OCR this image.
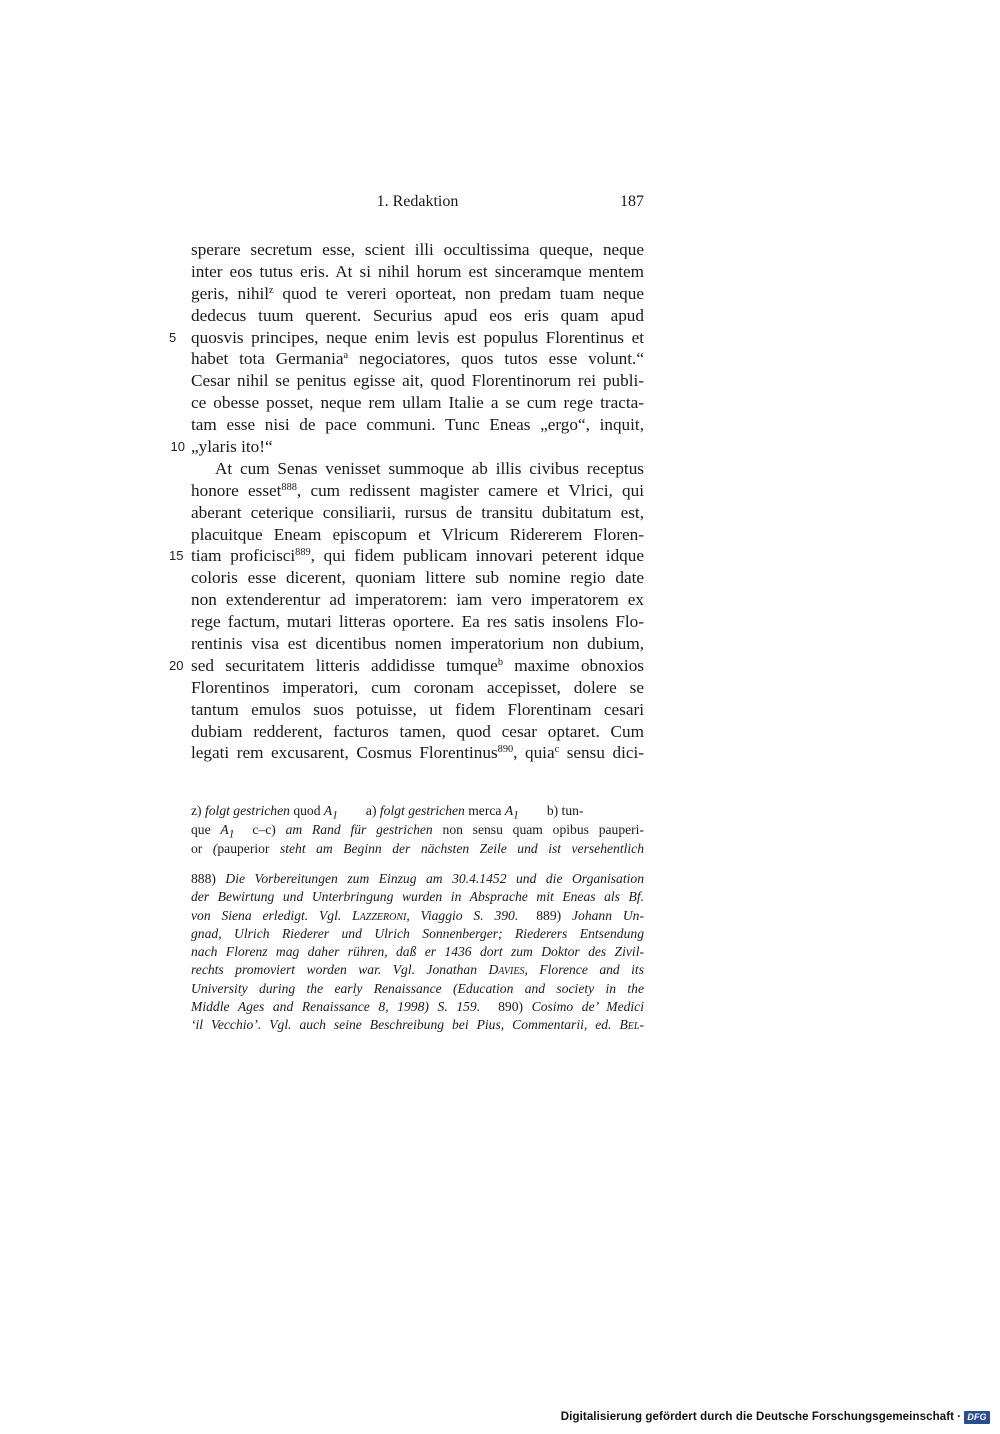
1. Redaktion	187
sperare secretum esse, scient illi occultissima queque, neque
inter eos tutus eris. At si nihil horum est sinceramque mentem
geris, nihil$^z$ quod te vereri oporteat, non predam tuam neque
dedecus tuum querent. Securius apud eos eris quam apud
5 quosvis principes, neque enim levis est populus Florentinus et
habet tota Germania$^a$ negociatores, quos tutos esse volunt.“
Cesar nihil se penitus egisse ait, quod Florentinorum rei publi-
ce obesse posset, neque rem ullam Italie a se cum rege tracta-
tam esse nisi de pace communi. Tunc Eneas „ergo“, inquit,
10 „ylaris ito!“
At cum Senas venisset summoque ab illis civibus receptus
honore esset$^{888}$, cum redissent magister camere et Vlrici, qui
aberant ceterique consiliarii, rursus de transitu dubitatum est,
placuitque Eneam episcopum et Vlricum Ridererem Floren-
15 tiam proficisci$^{889}$, qui fidem publicam innovari peterent idque
coloris esse dicerent, quoniam littere sub nomine regio date
non extenderentur ad imperatorem: iam vero imperatorem ex
rege factum, mutari litteras oportere. Ea res satis insolens Flo-
rentinis visa est dicentibus nomen imperatorium non dubium,
20 sed securitatem litteris addidisse tumque$^b$ maxime obnoxios
Florentinos imperatori, cum coronam accepisset, dolere se
tantum emulos suos potuisse, ut fidem Florentinam cesari
dubiam redderent, facturos tamen, quod cesar optaret. Cum
legati rem excusarent, Cosmus Florentinus$^{890}$, quia$^c$ sensu dici-
z) folgt gestrichen quod $A_1$ a) folgt gestrichen merca $A_1$ b) tun-
que $A_1$ c–c) am Rand für gestrichen non sensu quam opibus pauperi-
or (pauperior steht am Beginn der nächsten Zeile und ist versehentlich
888) Die Vorbereitungen zum Einzug am 30.4.1452 und die Organisation
der Bewirtung und Unterbringung wurden in Absprache mit Eneas als Bf.
von Siena erledigt. Vgl. Lazzeroni, Viaggio S. 390. 889) Johann Un-
gnad, Ulrich Riederer und Ulrich Sonnenberger; Riederers Entsendung
nach Florenz mag daher rühren, daß er 1436 dort zum Doktor des Zivil-
rechts promoviert worden war. Vgl. Jonathan Davies, Florence and its
University during the early Renaissance (Education and society in the
Middle Ages and Renaissance 8, 1998) S. 159. 890) Cosimo de’ Medici
‘il Vecchio’. Vgl. auch seine Beschreibung bei Pius, Commentarii, ed. Bel-
Digitalisierung gefördert durch die Deutsche Forschungsgemeinschaft · DFG
